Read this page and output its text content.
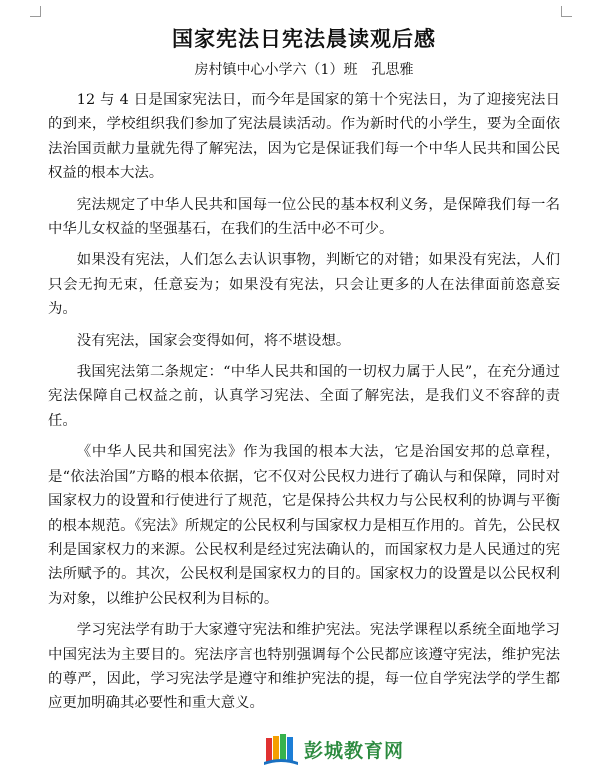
国家宪法日宪法晨读观后感
房村镇中心小学六（1）班　孔思雅

12 与 4 日是国家宪法日，而今年是国家的第十个宪法日，为了迎接宪法日的到来，学校组织我们参加了宪法晨读活动。作为新时代的小学生，要为全面依法治国贡献力量就先得了解宪法，因为它是保证我们每一个中华人民共和国公民权益的根本大法。

宪法规定了中华人民共和国每一位公民的基本权利义务，是保障我们每一名中华儿女权益的坚强基石，在我们的生活中必不可少。

如果没有宪法，人们怎么去认识事物，判断它的对错；如果没有宪法，人们只会无拘无束，任意妄为；如果没有宪法，只会让更多的人在法律面前恣意妄为。

没有宪法，国家会变得如何，将不堪设想。

我国宪法第二条规定：“中华人民共和国的一切权力属于人民”，在充分通过宪法保障自己权益之前，认真学习宪法、全面了解宪法，是我们义不容辞的责任。

《中华人民共和国宪法》作为我国的根本大法，它是治国安邦的总章程，是“依法治国”方略的根本依据，它不仅对公民权力进行了确认与和保障，同时对国家权力的设置和行使进行了规范，它是保持公共权力与公民权利的协调与平衡的根本规范。《宪法》所规定的公民权利与国家权力是相互作用的。首先，公民权利是国家权力的来源。公民权利是经过宪法确认的，而国家权力是人民通过的宪法所赋予的。其次，公民权利是国家权力的目的。国家权力的设置是以公民权利为对象，以维护公民权利为目标的。

学习宪法学有助于大家遵守宪法和维护宪法。宪法学课程以系统全面地学习中国宪法为主要目的。宪法序言也特别强调每个公民都应该遵守宪法，维护宪法的尊严，因此，学习宪法学是遵守和维护宪法的提，每一位自学宪法学的学生都应更加明确其必要性和重大意义。

彭城教育网
